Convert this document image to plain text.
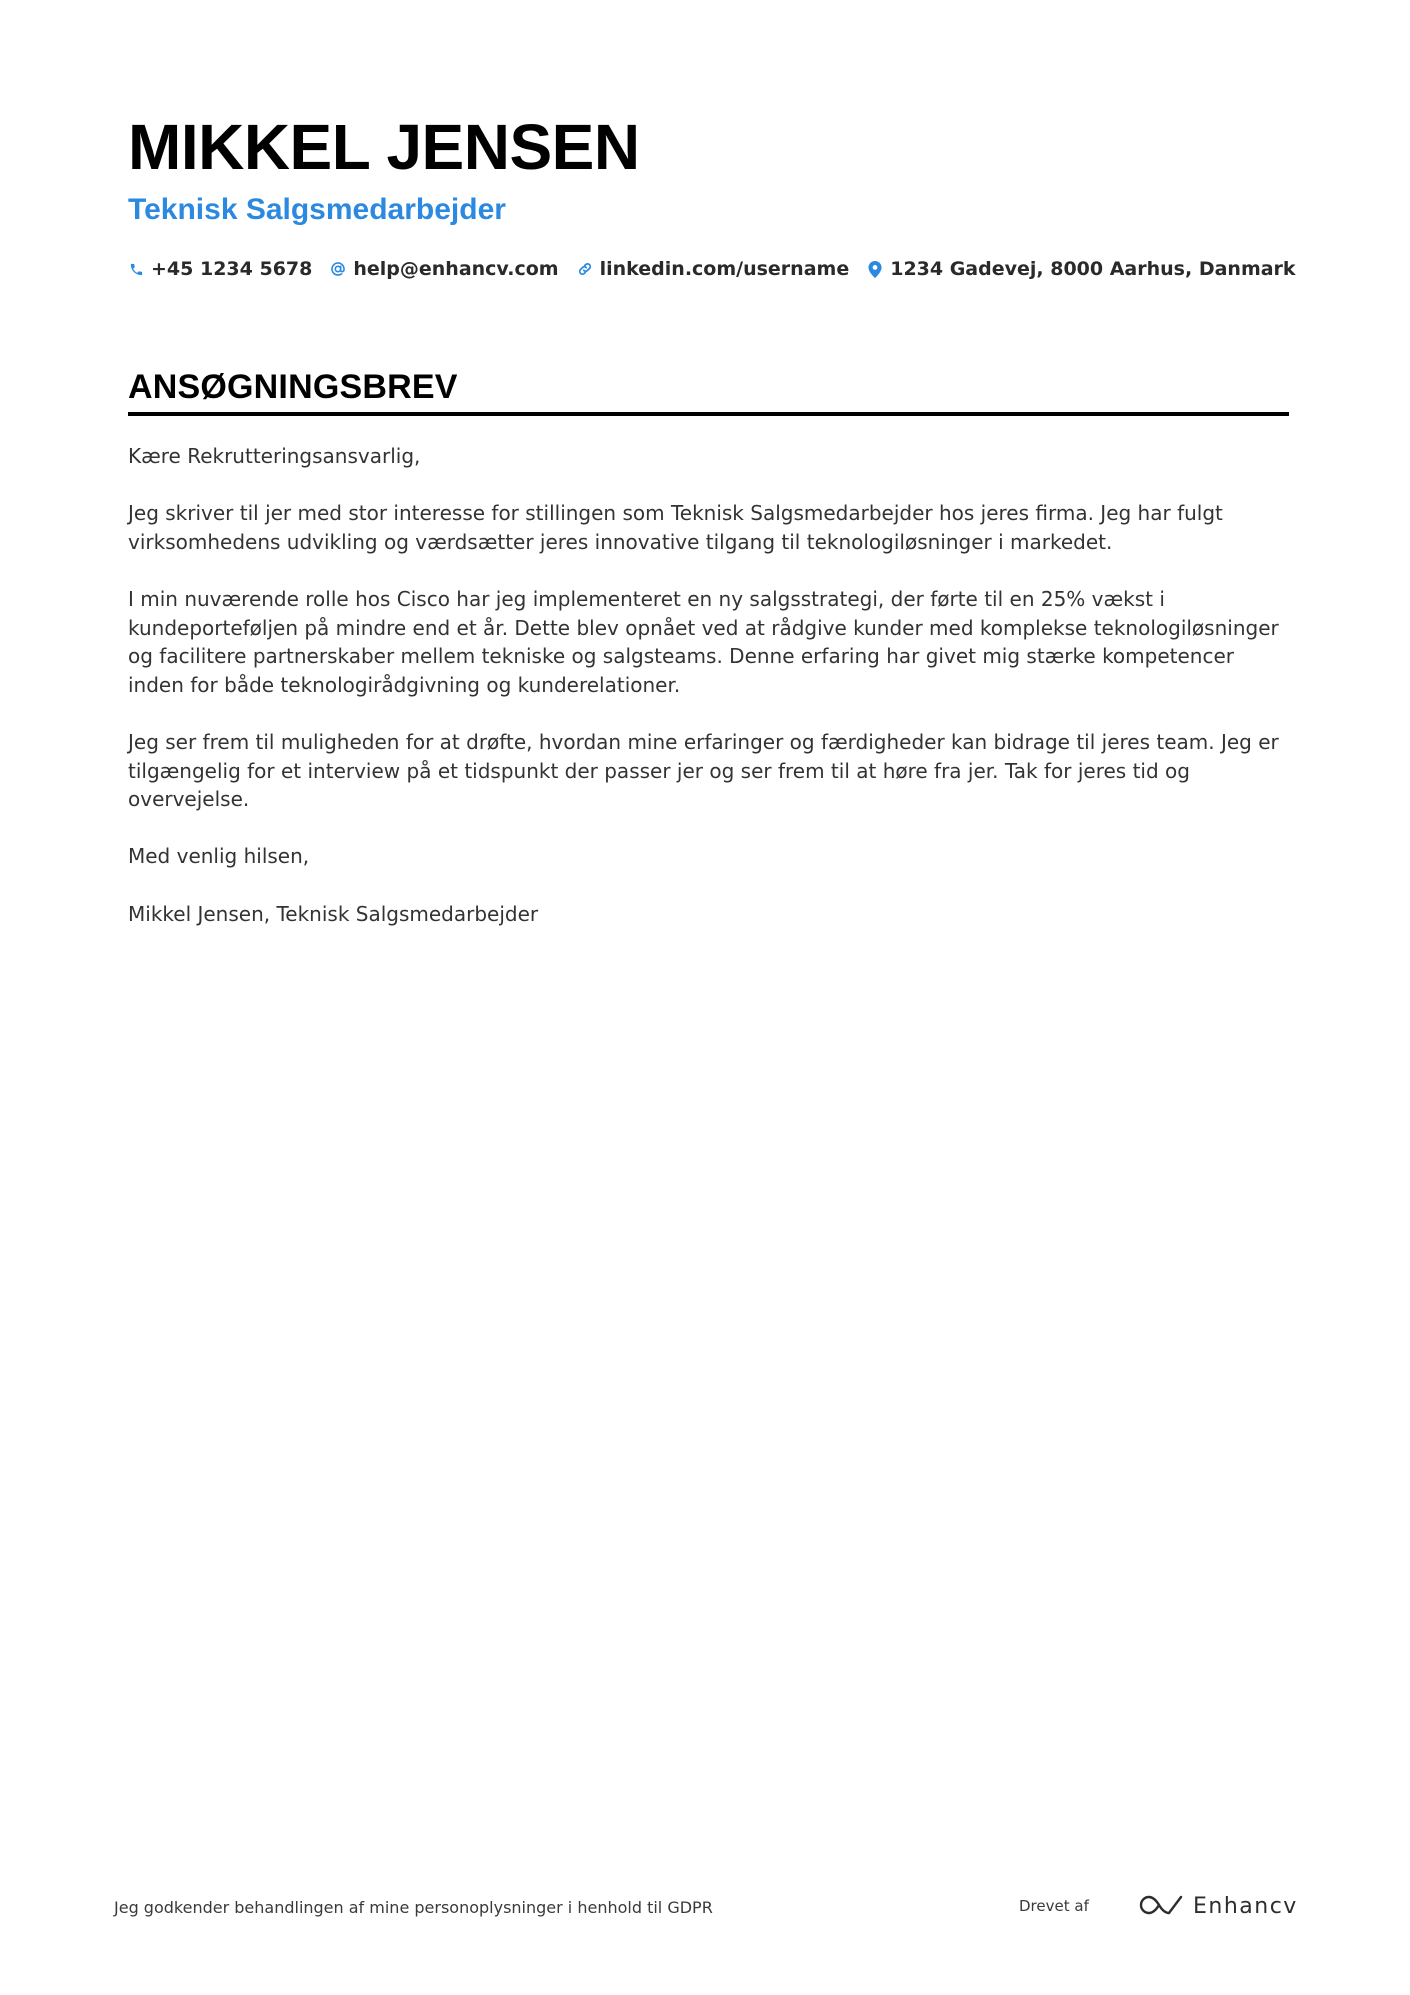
MIKKEL JENSEN
Teknisk Salgsmedarbejder
+45 1234 5678 help@enhancv.com linkedin.com/username 1234 Gadevej, 8000 Aarhus, Danmark
ANSØGNINGSBREV

Kære Rekrutteringsansvarlig,

Jeg skriver til jer med stor interesse for stillingen som Teknisk Salgsmedarbejder hos jeres firma. Jeg har fulgt virksomhedens udvikling og værdsætter jeres innovative tilgang til teknologiløsninger i markedet.

I min nuværende rolle hos Cisco har jeg implementeret en ny salgsstrategi, der førte til en 25% vækst i kundeporteføljen på mindre end et år. Dette blev opnået ved at rådgive kunder med komplekse teknologiløsninger og facilitere partnerskaber mellem tekniske og salgsteams. Denne erfaring har givet mig stærke kompetencer inden for både teknologirådgivning og kunderelationer.

Jeg ser frem til muligheden for at drøfte, hvordan mine erfaringer og færdigheder kan bidrage til jeres team. Jeg er tilgængelig for et interview på et tidspunkt der passer jer og ser frem til at høre fra jer. Tak for jeres tid og overvejelse.

Med venlig hilsen,

Mikkel Jensen, Teknisk Salgsmedarbejder

Jeg godkender behandlingen af mine personoplysninger i henhold til GDPR	Drevet af	Enhancv
